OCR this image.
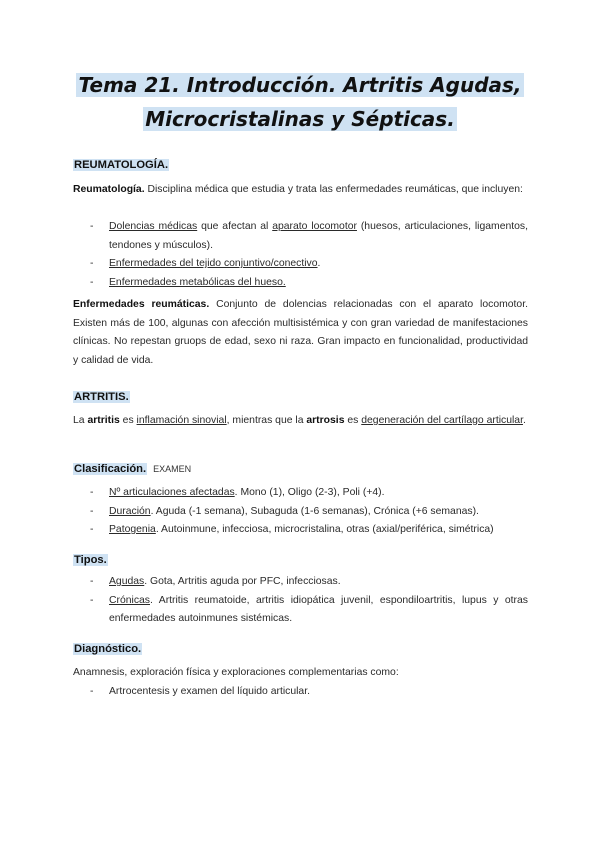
Tema 21. Introducción. Artritis Agudas,
Microcristalinas y Sépticas.
REUMATOLOGÍA.
Reumatología. Disciplina médica que estudia y trata las enfermedades reumáticas, que incluyen:
- Dolencias médicas que afectan al aparato locomotor (huesos, articulaciones, ligamentos, tendones y músculos).
- Enfermedades del tejido conjuntivo/conectivo.
- Enfermedades metabólicas del hueso.
Enfermedades reumáticas. Conjunto de dolencias relacionadas con el aparato locomotor. Existen más de 100, algunas con afección multisistémica y con gran variedad de manifestaciones clínicas. No repestan gruops de edad, sexo ni raza. Gran impacto en funcionalidad, productividad y calidad de vida.
ARTRITIS.
La artritis es inflamación sinovial, mientras que la artrosis es degeneración del cartílago articular.
Clasificación. EXAMEN
- Nº articulaciones afectadas. Mono (1), Oligo (2-3), Poli (+4).
- Duración. Aguda (-1 semana), Subaguda (1-6 semanas), Crónica (+6 semanas).
- Patogenia. Autoinmune, infecciosa, microcristalina, otras (axial/periférica, simétrica)
Tipos.
- Agudas. Gota, Artritis aguda por PFC, infecciosas.
- Crónicas. Artritis reumatoide, artritis idiopática juvenil, espondiloartritis, lupus y otras enfermedades autoinmunes sistémicas.
Diagnóstico.
Anamnesis, exploración física y exploraciones complementarias como:
- Artrocentesis y examen del líquido articular.
